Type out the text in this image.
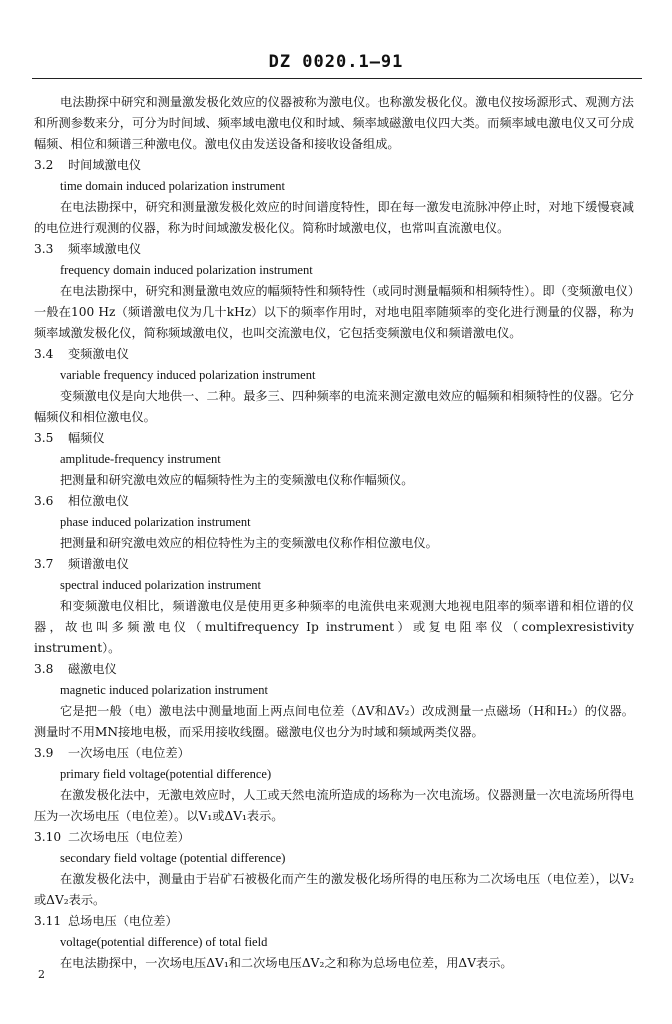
DZ 0020.1—91

电法勘探中研究和测量激发极化效应的仪器被称为激电仪。也称激发极化仪。激电仪按场源形式、观测方法和所测参数来分，可分为时间域、频率域电激电仪和时域、频率域磁激电仪四大类。而频率域电激电仪又可分成幅频、相位和频谱三种激电仪。激电仪由发送设备和接收设备组成。

3.2 时间域激电仪

time domain induced polarization instrument

在电法勘探中，研究和测量激发极化效应的时间谱度特性，即在每一激发电流脉冲停止时，对地下缓慢衰减的电位进行观测的仪器，称为时间域激发极化仪。简称时域激电仪，也常叫直流激电仪。

3.3 频率域激电仪

frequency domain induced polarization instrument

在电法勘探中，研究和测量激电效应的幅频特性和频特性（或同时测量幅频和相频特性）。即（变频激电仪）一般在100 Hz（频谱激电仪为几十kHz）以下的频率作用时，对地电阻率随频率的变化进行测量的仪器，称为频率域激发极化仪，简称频域激电仪，也叫交流激电仪，它包括变频激电仪和频谱激电仪。

3.4 变频激电仪

variable frequency induced polarization instrument

变频激电仪是向大地供一、二种。最多三、四种频率的电流来测定激电效应的幅频和相频特性的仪器。它分幅频仪和相位激电仪。

3.5 幅频仪

amplitude-frequency instrument

把测量和研究激电效应的幅频特性为主的变频激电仪称作幅频仪。

3.6 相位激电仪

phase induced polarization instrument

把测量和研究激电效应的相位特性为主的变频激电仪称作相位激电仪。

3.7 频谱激电仪

spectral induced polarization instrument

和变频激电仪相比，频谱激电仪是使用更多种频率的电流供电来观测大地视电阻率的频率谱和相位谱的仪器，故也叫多频激电仪（multifrequency Ip instrument）或复电阻率仪（complexresistivity instrument）。

3.8 磁激电仪

magnetic induced polarization instrument

它是把一般（电）激电法中测量地面上两点间电位差（ΔV和ΔV₂）改成测量一点磁场（H和H₂）的仪器。测量时不用MN接地电极，而采用接收线圈。磁激电仪也分为时域和频域两类仪器。

3.9 一次场电压（电位差）

primary field voltage(potential difference)

在激发极化法中，无激电效应时，人工或天然电流所造成的场称为一次电流场。仪器测量一次电流场所得电压为一次场电压（电位差）。以V₁或ΔV₁表示。

3.10 二次场电压（电位差）

secondary field voltage (potential difference)

在激发极化法中，测量由于岩矿石被极化而产生的激发极化场所得的电压称为二次场电压（电位差），以V₂或ΔV₂表示。

3.11 总场电压（电位差）

voltage(potential difference) of total field

在电法勘探中，一次场电压ΔV₁和二次场电压ΔV₂之和称为总场电位差，用ΔV表示。

2
